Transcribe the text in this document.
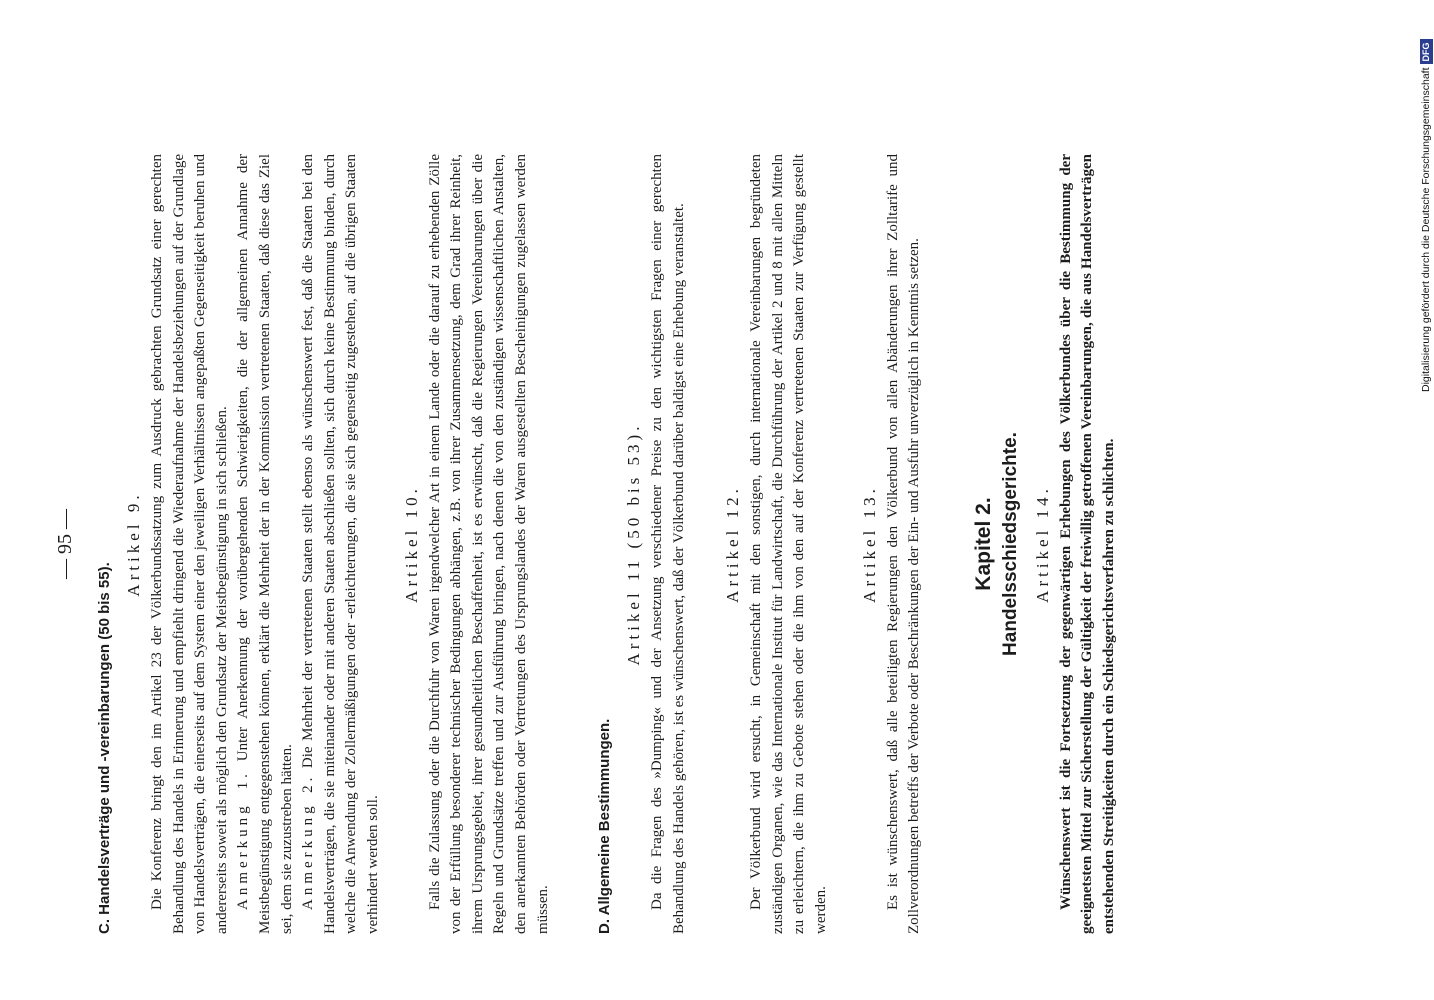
— 95 —
C. Handelsverträge und -vereinbarungen (50 bis 55).
Artikel 9. Die Konferenz bringt den im Artikel 23 der Völkerbundssatzung zum Ausdruck gebrachten Grundsatz einer gerechten Behandlung des Handels in Erinnerung und empfiehlt dringend die Wiederaufnahme der Handelsbeziehungen auf der Grundlage von Handelsverträgen, die einerseits auf dem System einer den jeweiligen Verhältnissen angepaßten Gegenseitigkeit beruhen und andererseits soweit als möglich den Grundsatz der Meistbegünstigung in sich schließen. Anmerkung 1. Unter Anerkennung der vorübergehenden Schwierigkeiten, die der allgemeinen Annahme der Meistbegünstigung entgegenstehen können, erklärt die Mehrheit der in der Kommission vertretenen Staaten, daß diese das Ziel sei, dem sie zuzustreben hätten. Anmerkung 2. Die Mehrheit der vertretenen Staaten stellt ebenso als wünschenswert fest, daß die Staaten bei den Handelsverträgen, die sie miteinander oder mit anderen Staaten abschließen sollten, sich durch keine Bestimmung binden, durch welche die Anwendung der Zollermäßigungen oder -erleichterungen, die sie sich gegenseitig zugestehen, auf die übrigen Staaten verhindert werden soll.

Artikel 10. Falls die Zulassung oder die Durchfuhr von Waren irgendwelcher Art in einem Lande oder die darauf zu erhebenden Zölle von der Erfüllung besonderer technischer Bedingungen abhängen, z.B. von ihrer Zusammensetzung, dem Grad ihrer Reinheit, ihrem Ursprungsgebiet, ihrer gesundheitlichen Beschaffenheit, ist es erwünscht, daß die Regierungen Vereinbarungen über die Regeln und Grundsätze treffen und zur Ausführung bringen, nach denen die von den zuständigen wissenschaftlichen Anstalten, den anerkannten Behörden oder Vertretungen des Ursprungslandes der Waren ausgestellten Bescheinigungen zugelassen werden müssen.	D. Allgemeine Bestimmungen.
Artikel 11 (50 bis 53). Da die Fragen des »Dumping« und der Ansetzung verschiedener Preise zu den wichtigsten Fragen einer gerechten Behandlung des Handels gehören, ist es wünschenswert, daß der Völkerbund darüber baldigst eine Erhebung veranstaltet. Artikel 12. Der Völkerbund wird ersucht, in Gemeinschaft mit den sonstigen, durch internationale Vereinbarungen begründeten zuständigen Organen, wie das Internationale Institut für Landwirtschaft, die Durchführung der Artikel 2 und 8 mit allen Mitteln zu erleichtern, die ihm zu Gebote stehen oder die ihm von den auf der Konferenz vertretenen Staaten zur Verfügung gestellt werden.

Artikel 13. Es ist wünschenswert, daß alle beteiligten Regierungen den Völkerbund von allen Abänderungen ihrer Zolltarife und Zollverordnungen betreffs der Verbote oder Beschränkungen der Ein- und Ausfuhr unverzüglich in Kenntnis setzen. Kapitel 2. Handelsschiedsgerichte. Artikel 14. Wünschenswert ist die Fortsetzung der gegenwärtigen Erhebungen des Völkerbundes über die Bestimmung der geeignetsten Mittel zur Sicherstellung der Gültigkeit der freiwillig getroffenen Vereinbarungen, die aus Handelsverträgen entstehenden Streitigkeiten durch ein Schiedsgerichtsverfahren zu schlichten.

Digitalisierung gefördert durch die Deutsche ForschungsgemeinschaftDFG
